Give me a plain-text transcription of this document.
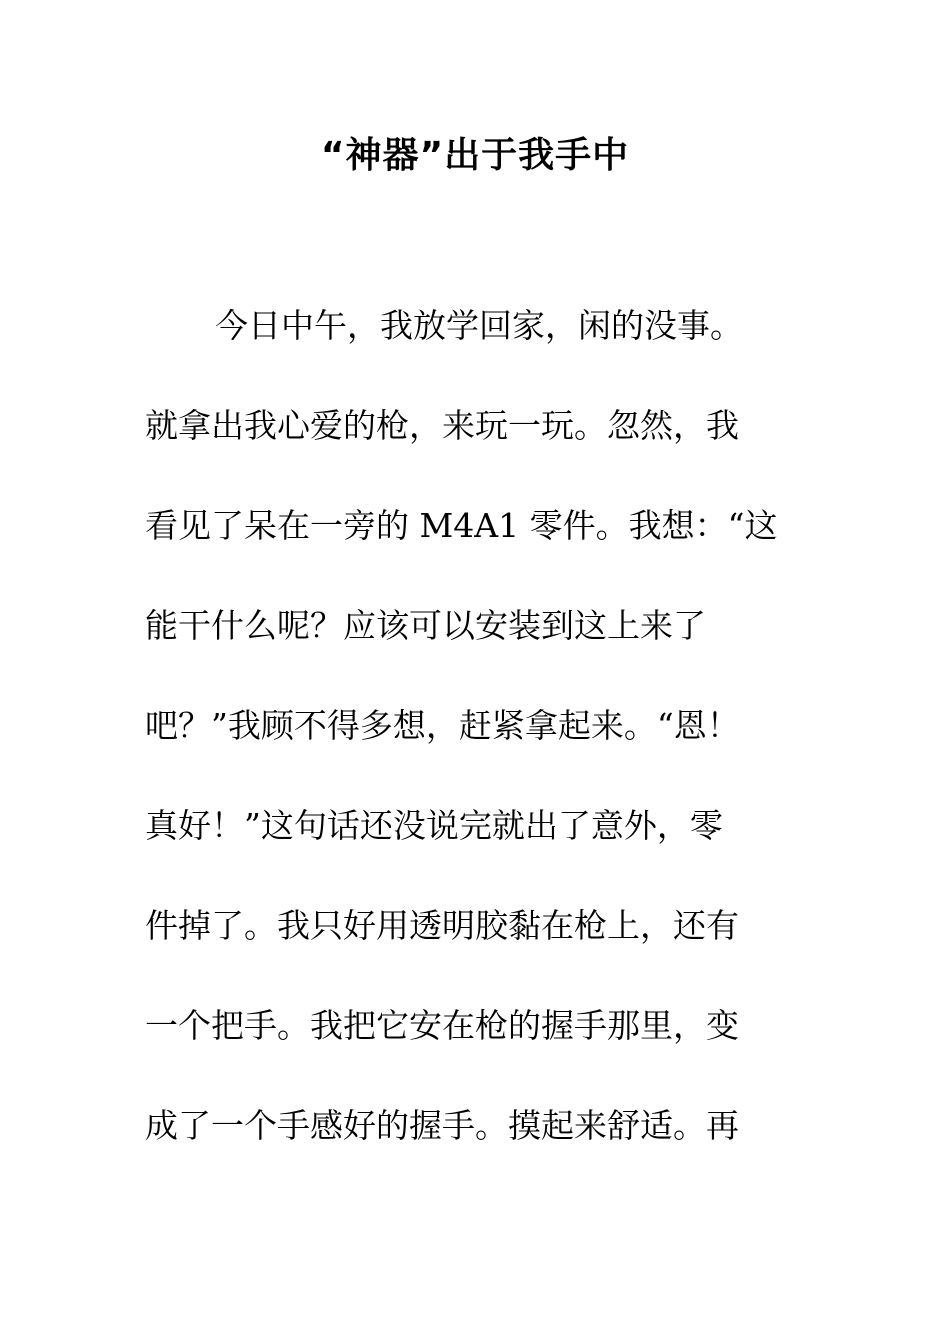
“神器”出于我手中
今日中午，我放学回家，闲的没事。
就拿出我心爱的枪，来玩一玩。忽然，我
看见了呆在一旁的 M4A1 零件。我想：“这
能干什么呢？应该可以安装到这上来了
吧？”我顾不得多想，赶紧拿起来。“恩！
真好！”这句话还没说完就出了意外，零
件掉了。我只好用透明胶黏在枪上，还有
一个把手。我把它安在枪的握手那里，变
成了一个手感好的握手。摸起来舒适。再
